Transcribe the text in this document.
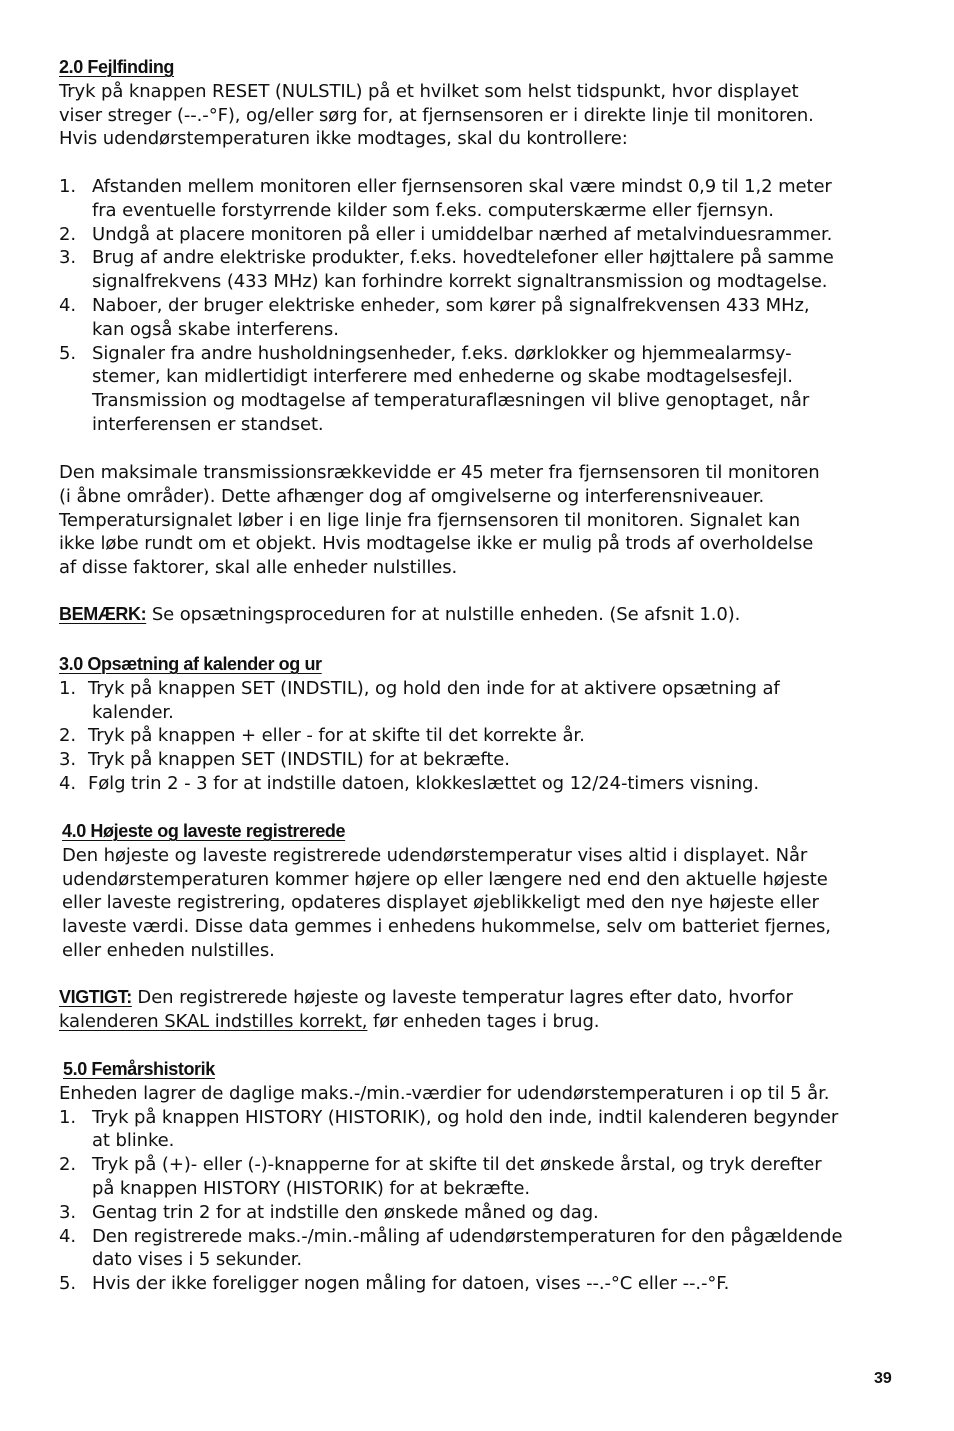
2.0 Fejlfinding
Tryk på knappen RESET (NULSTIL) på et hvilket som helst tidspunkt, hvor displayet
viser streger (--.-°F), og/eller sørg for, at fjernsensoren er i direkte linje til monitoren.
Hvis udendørstemperaturen ikke modtages, skal du kontrollere:
1. Afstanden mellem monitoren eller fjernsensoren skal være mindst 0,9 til 1,2 meter
fra eventuelle forstyrrende kilder som f.eks. computerskærme eller fjernsyn.
2. Undgå at placere monitoren på eller i umiddelbar nærhed af metalvinduesrammer.
3. Brug af andre elektriske produkter, f.eks. hovedtelefoner eller højttalere på samme
signalfrekvens (433 MHz) kan forhindre korrekt signaltransmission og modtagelse.
4. Naboer, der bruger elektriske enheder, som kører på signalfrekvensen 433 MHz,
kan også skabe interferens.
5. Signaler fra andre husholdningsenheder, f.eks. dørklokker og hjemmealarmsy-
stemer, kan midlertidigt interferere med enhederne og skabe modtagelsesfejl.
Transmission og modtagelse af temperaturaflæsningen vil blive genoptaget, når
interferensen er standset.
Den maksimale transmissionsrækkevidde er 45 meter fra fjernsensoren til monitoren
(i åbne områder). Dette afhænger dog af omgivelserne og interferensniveauer.
Temperatursignalet løber i en lige linje fra fjernsensoren til monitoren. Signalet kan
ikke løbe rundt om et objekt. Hvis modtagelse ikke er mulig på trods af overholdelse
af disse faktorer, skal alle enheder nulstilles.
BEMÆRK: Se opsætningsproceduren for at nulstille enheden. (Se afsnit 1.0).
3.0 Opsætning af kalender og ur
1. Tryk på knappen SET (INDSTIL), og hold den inde for at aktivere opsætning af
kalender.
2. Tryk på knappen + eller - for at skifte til det korrekte år.
3. Tryk på knappen SET (INDSTIL) for at bekræfte.
4. Følg trin 2 - 3 for at indstille datoen, klokkeslættet og 12/24-timers visning.
4.0 Højeste og laveste registrerede
Den højeste og laveste registrerede udendørstemperatur vises altid i displayet. Når
udendørstemperaturen kommer højere op eller længere ned end den aktuelle højeste
eller laveste registrering, opdateres displayet øjeblikkeligt med den nye højeste eller
laveste værdi. Disse data gemmes i enhedens hukommelse, selv om batteriet fjernes,
eller enheden nulstilles.
VIGTIGT: Den registrerede højeste og laveste temperatur lagres efter dato, hvorfor
kalenderen SKAL indstilles korrekt, før enheden tages i brug.
5.0 Femårshistorik
Enheden lagrer de daglige maks.-/min.-værdier for udendørstemperaturen i op til 5 år.
1. Tryk på knappen HISTORY (HISTORIK), og hold den inde, indtil kalenderen begynder
at blinke.
2. Tryk på (+)- eller (-)-knapperne for at skifte til det ønskede årstal, og tryk derefter
på knappen HISTORY (HISTORIK) for at bekræfte.
3. Gentag trin 2 for at indstille den ønskede måned og dag.
4. Den registrerede maks.-/min.-måling af udendørstemperaturen for den pågældende
dato vises i 5 sekunder.
5. Hvis der ikke foreligger nogen måling for datoen, vises --.-°C eller --.-°F.
39
